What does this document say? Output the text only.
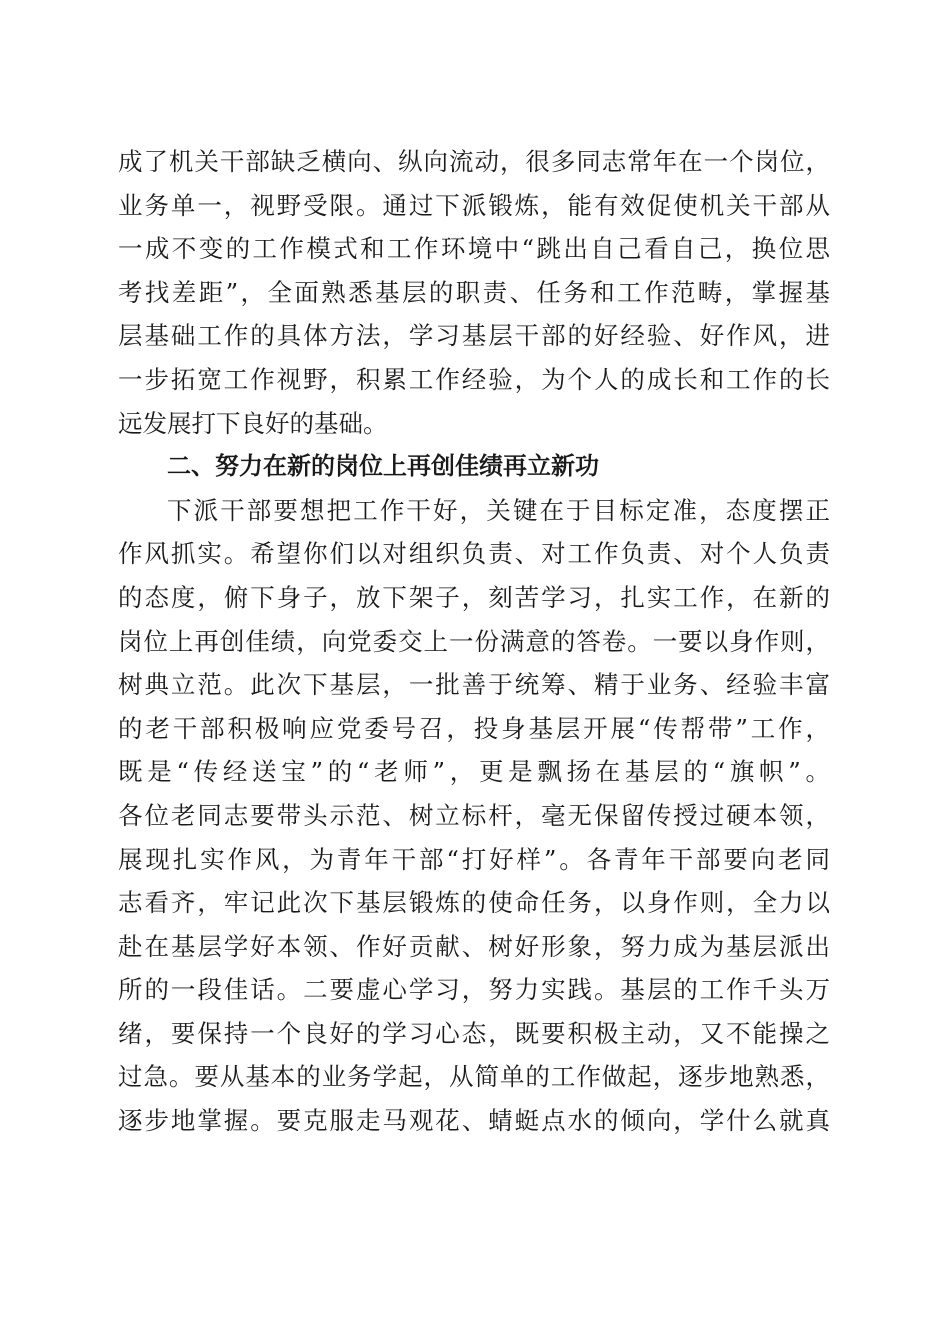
成了机关干部缺乏横向、纵向流动，很多同志常年在一个岗位，
业务单一，视野受限。通过下派锻炼，能有效促使机关干部从
一成不变的工作模式和工作环境中“跳出自己看自己，换位思
考找差距”，全面熟悉基层的职责、任务和工作范畴，掌握基
层基础工作的具体方法，学习基层干部的好经验、好作风，进
一步拓宽工作视野，积累工作经验，为个人的成长和工作的长
远发展打下良好的基础。
二、努力在新的岗位上再创佳绩再立新功
下派干部要想把工作干好，关键在于目标定准，态度摆正
作风抓实。希望你们以对组织负责、对工作负责、对个人负责
的态度，俯下身子，放下架子，刻苦学习，扎实工作，在新的
岗位上再创佳绩，向党委交上一份满意的答卷。一要以身作则，
树典立范。此次下基层，一批善于统筹、精于业务、经验丰富
的老干部积极响应党委号召，投身基层开展“传帮带”工作，
既是“传经送宝”的“老师”，更是飘扬在基层的“旗帜”。
各位老同志要带头示范、树立标杆，毫无保留传授过硬本领，
展现扎实作风，为青年干部“打好样”。各青年干部要向老同
志看齐，牢记此次下基层锻炼的使命任务，以身作则，全力以
赴在基层学好本领、作好贡献、树好形象，努力成为基层派出
所的一段佳话。二要虚心学习，努力实践。基层的工作千头万
绪，要保持一个良好的学习心态，既要积极主动，又不能操之
过急。要从基本的业务学起，从简单的工作做起，逐步地熟悉，
逐步地掌握。要克服走马观花、蜻蜓点水的倾向，学什么就真
